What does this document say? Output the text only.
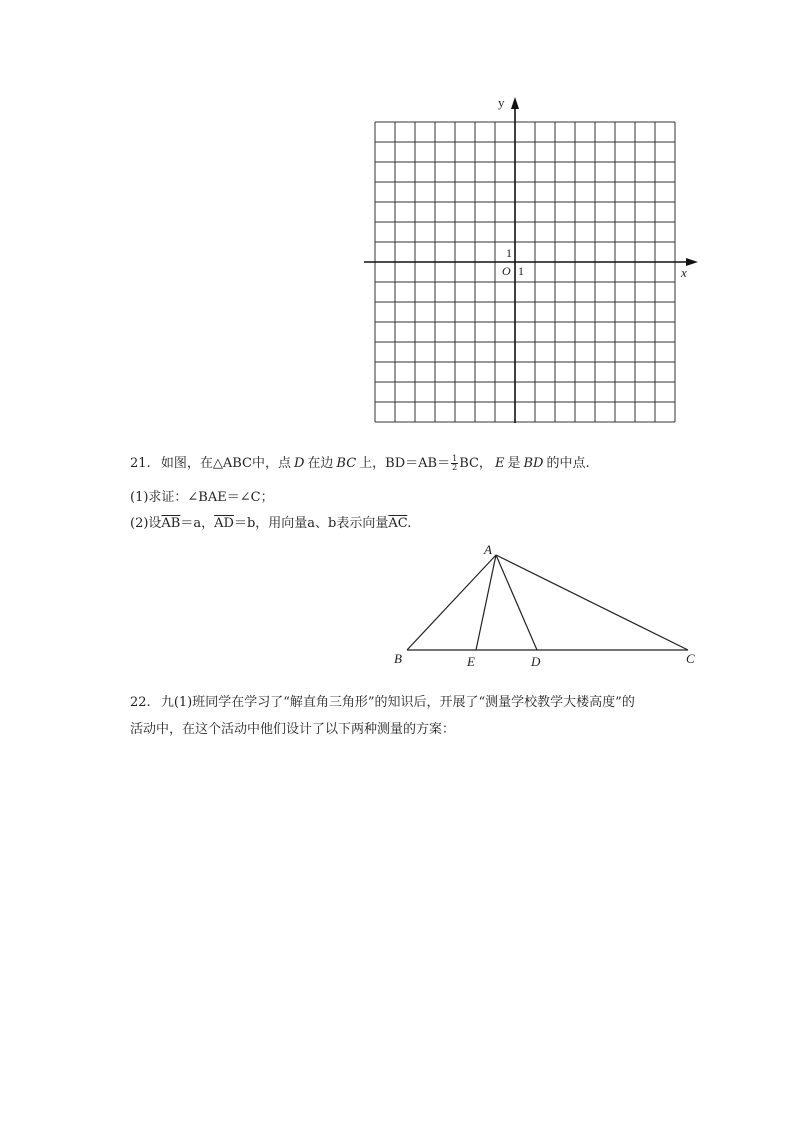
y
x
O
1
1
21. 如图，在△ABC中，点 D 在边 BC 上，$BD=AB= \frac{1}{2}$ BC， E 是 BD 的中点.
(1)求证：∠BAE＝∠C；
(2)设$\overline{AB}=a$，$\overline{AD}=b$，用向量a、b表示向量$\overline{AC}$.
A
B	E	D	C
22. 九(1)班同学在学习了“解直角三角形”的知识后，开展了“测量学校教学大楼高度”的
活动中，在这个活动中他们设计了以下两种测量的方案：
